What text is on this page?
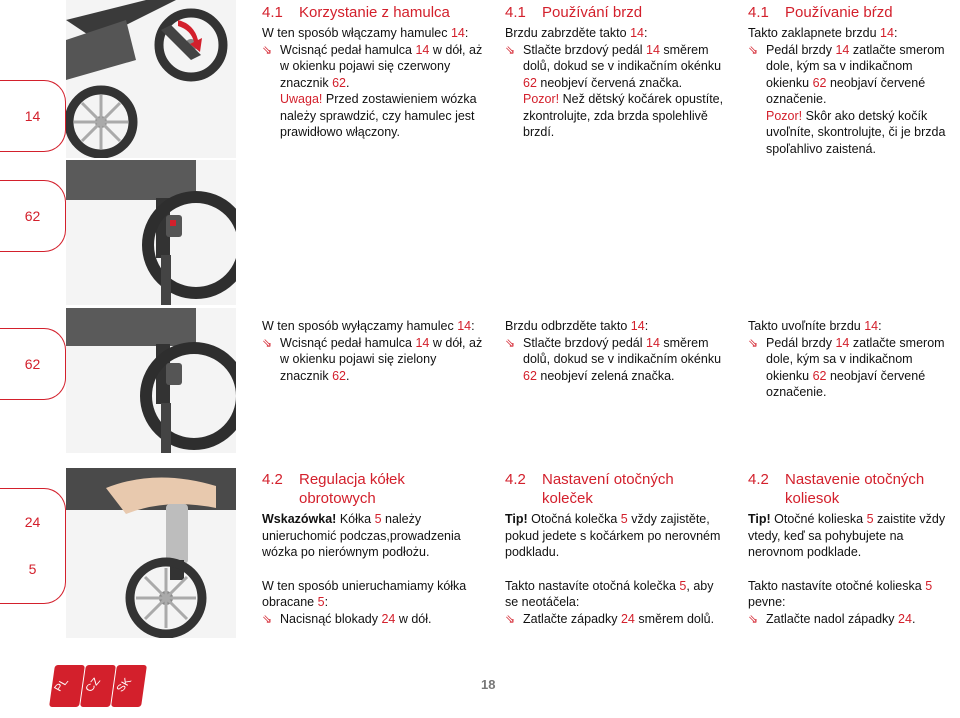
14
4.1 Korzystanie z hamulca

W ten sposób włączamy hamulec 14:

⇘ Wcisnąć pedał hamulca 14 w dół, aż w okienku pojawi się czerwony znacznik 62.
Uwaga! Przed zostawieniem wózka należy sprawdzić, czy hamulec jest prawidłowo włączony.

4.1 Používání brzd

Brzdu zabrzděte takto 14:

⇘ Stlačte brzdový pedál 14 směrem dolů, dokud se v indikačním okénku 62 neobjeví červená značka.
Pozor! Než dětský kočárek opustíte, zkontrolujte, zda brzda spolehlivě brzdí.

4.1 Používanie bŕzd

Takto zaklapnete brzdu 14:

⇘ Pedál brzdy 14 zatlačte smerom dole, kým sa v indikačnom okienku 62 neobjaví červené označenie.
Pozor! Skôr ako detský kočík uvoľníte, skontrolujte, či je brzda spoľahlivo zaistená.

62
62

W ten sposób wyłączamy hamulec 14:

⇘ Wcisnąć pedał hamulca 14 w dół, aż w okienku pojawi się zielony znacznik 62.

Brzdu odbrzděte takto 14:

⇘ Stlačte brzdový pedál 14 směrem dolů, dokud se v indikačním okénku 62 neobjeví zelená značka.

Takto uvoľníte brzdu 14:

⇘ Pedál brzdy 14 zatlačte smerom dole, kým sa v indikačnom okienku 62 neobjaví červené označenie.

24
5
4.2 Regulacja kółek
obrotowych

Wskazówka! Kółka 5 należy unieruchomić podczas,prowadzenia wózka po nierównym podłożu.

W ten sposób unieruchamiamy kółka obracane 5:

⇘ Nacisnąć blokady 24 w dół.

4.2 Nastavení otočných
koleček

Tip! Otočná kolečka 5 vždy zajistěte, pokud jedete s kočárkem po nerovném podkladu.

Takto nastavíte otočná kolečka 5, aby se neotáčela:

⇘ Zatlačte západky 24 směrem dolů.

4.2 Nastavenie otočných
koliesok

Tip! Otočné kolieska 5 zaistite vždy vtedy, keď sa pohybujete na nerovnom podklade.

Takto nastavíte otočné kolieska 5 pevne:

⇘ Zatlačte nadol západky 24.

PL CZ SK	18
